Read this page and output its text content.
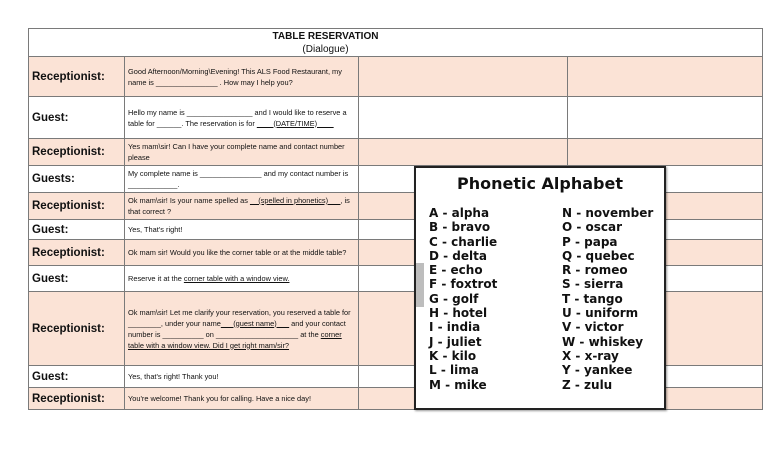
TABLE RESERVATION
(Dialogue)			

Receptionist:	Good Afternoon/Morning\Evening! This ALS Food Restaurant, my name is _______________ . How may I help you?		
Guest:	Hello my name is ________________ and I would like to reserve a table for ______. The reservation is for ____(DATE/TIME)____		
Receptionist:	Yes mam\sir! Can I have your complete name and contact number please		
Guests:	My complete name is _______________ and my contact number is ____________.		
Receptionist:	Ok mam\sir! Is your name spelled as __(spelled in phonetics)___, is that correct ?		
Guest:	Yes, That's right!		
Receptionist:	Ok mam sir! Would you like the corner table or at the middle table?		
Guest:	Reserve it at the corner table with a window view.		
Receptionist:	Ok mam\sir! Let me clarify your reservation, you reserved a table for ________, under your name___(guest name)___ and your contact number is __________ on ____________________ at the corner table with a window view. Did I get right mam/sir?		
Guest:	Yes, that's right! Thank you!		
Receptionist:	You're welcome! Thank you for calling. Have a nice day!		
Phonetic Alphabet
A - alpha
B - bravo
C - charlie
D - delta
E - echo
F - foxtrot
G - golf
H - hotel
I - india
J - juliet
K - kilo
L - lima
M - mike
N - november
O - oscar
P - papa
Q - quebec
R - romeo
S - sierra
T - tango
U - uniform
V - victor
W - whiskey
X - x-ray
Y - yankee
Z - zulu
